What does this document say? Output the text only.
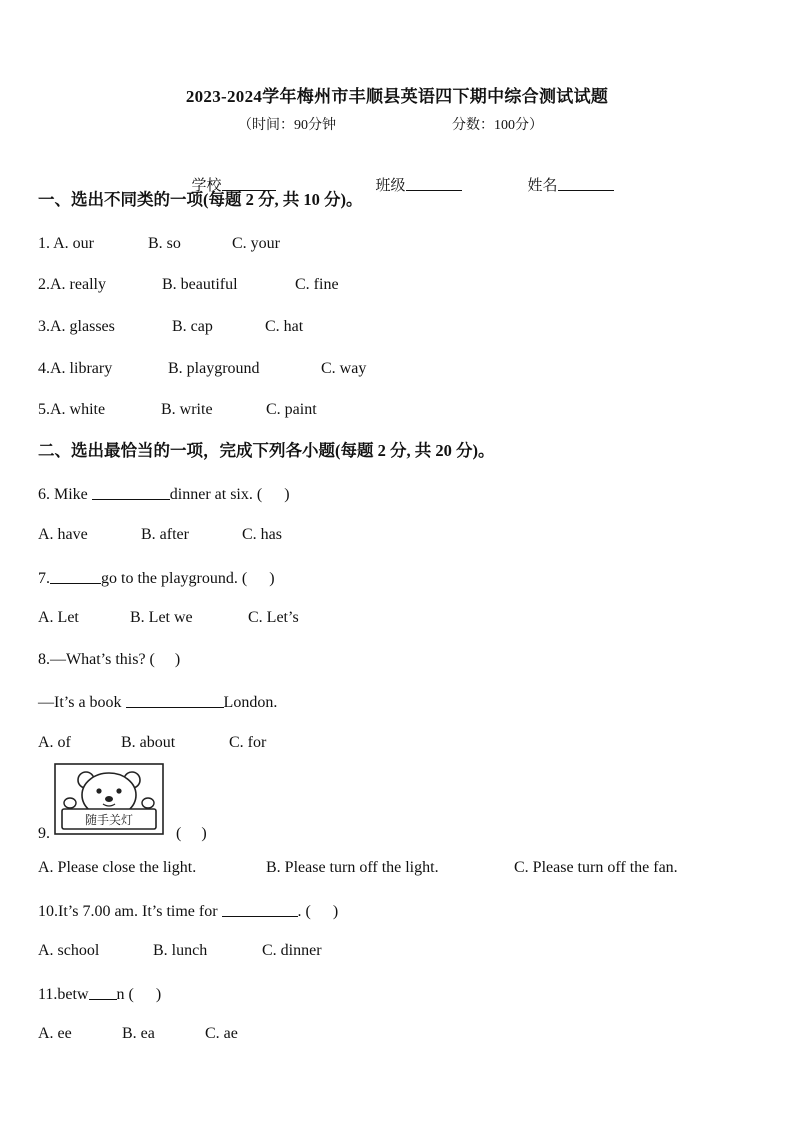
2023-2024学年梅州市丰顺县英语四下期中综合测试试题
（时间：90分钟	分数：100分）

学校	班级	姓名

一、选出不同类的一项(每题 2 分, 共 10 分)。
1. A. our	B. so	C. your
2.A. really	B. beautiful	C. fine
3.A. glasses	B. cap	C. hat
4.A. library	B. playground	C. way
5.A. white	B. write	C. paint
二、选出最恰当的一项，完成下列各小题(每题 2 分, 共 20 分)。
6. Mike	dinner at six. ( )
A. have	B. after	C. has
7.	go to the playground. ( )
A. Let	B. Let we	C. Let’s
8.—What’s this? ( )
—It’s a book	London.
A. of	B. about	C. for
9.
随手关灯
( )
A. Please close the light.	B. Please turn off the light.	C. Please turn off the fan.
10.It’s 7.00 am. It’s time for	. ( )
A. school	B. lunch	C. dinner
11.betw n ( )
A. ee	B. ea	C. ae
